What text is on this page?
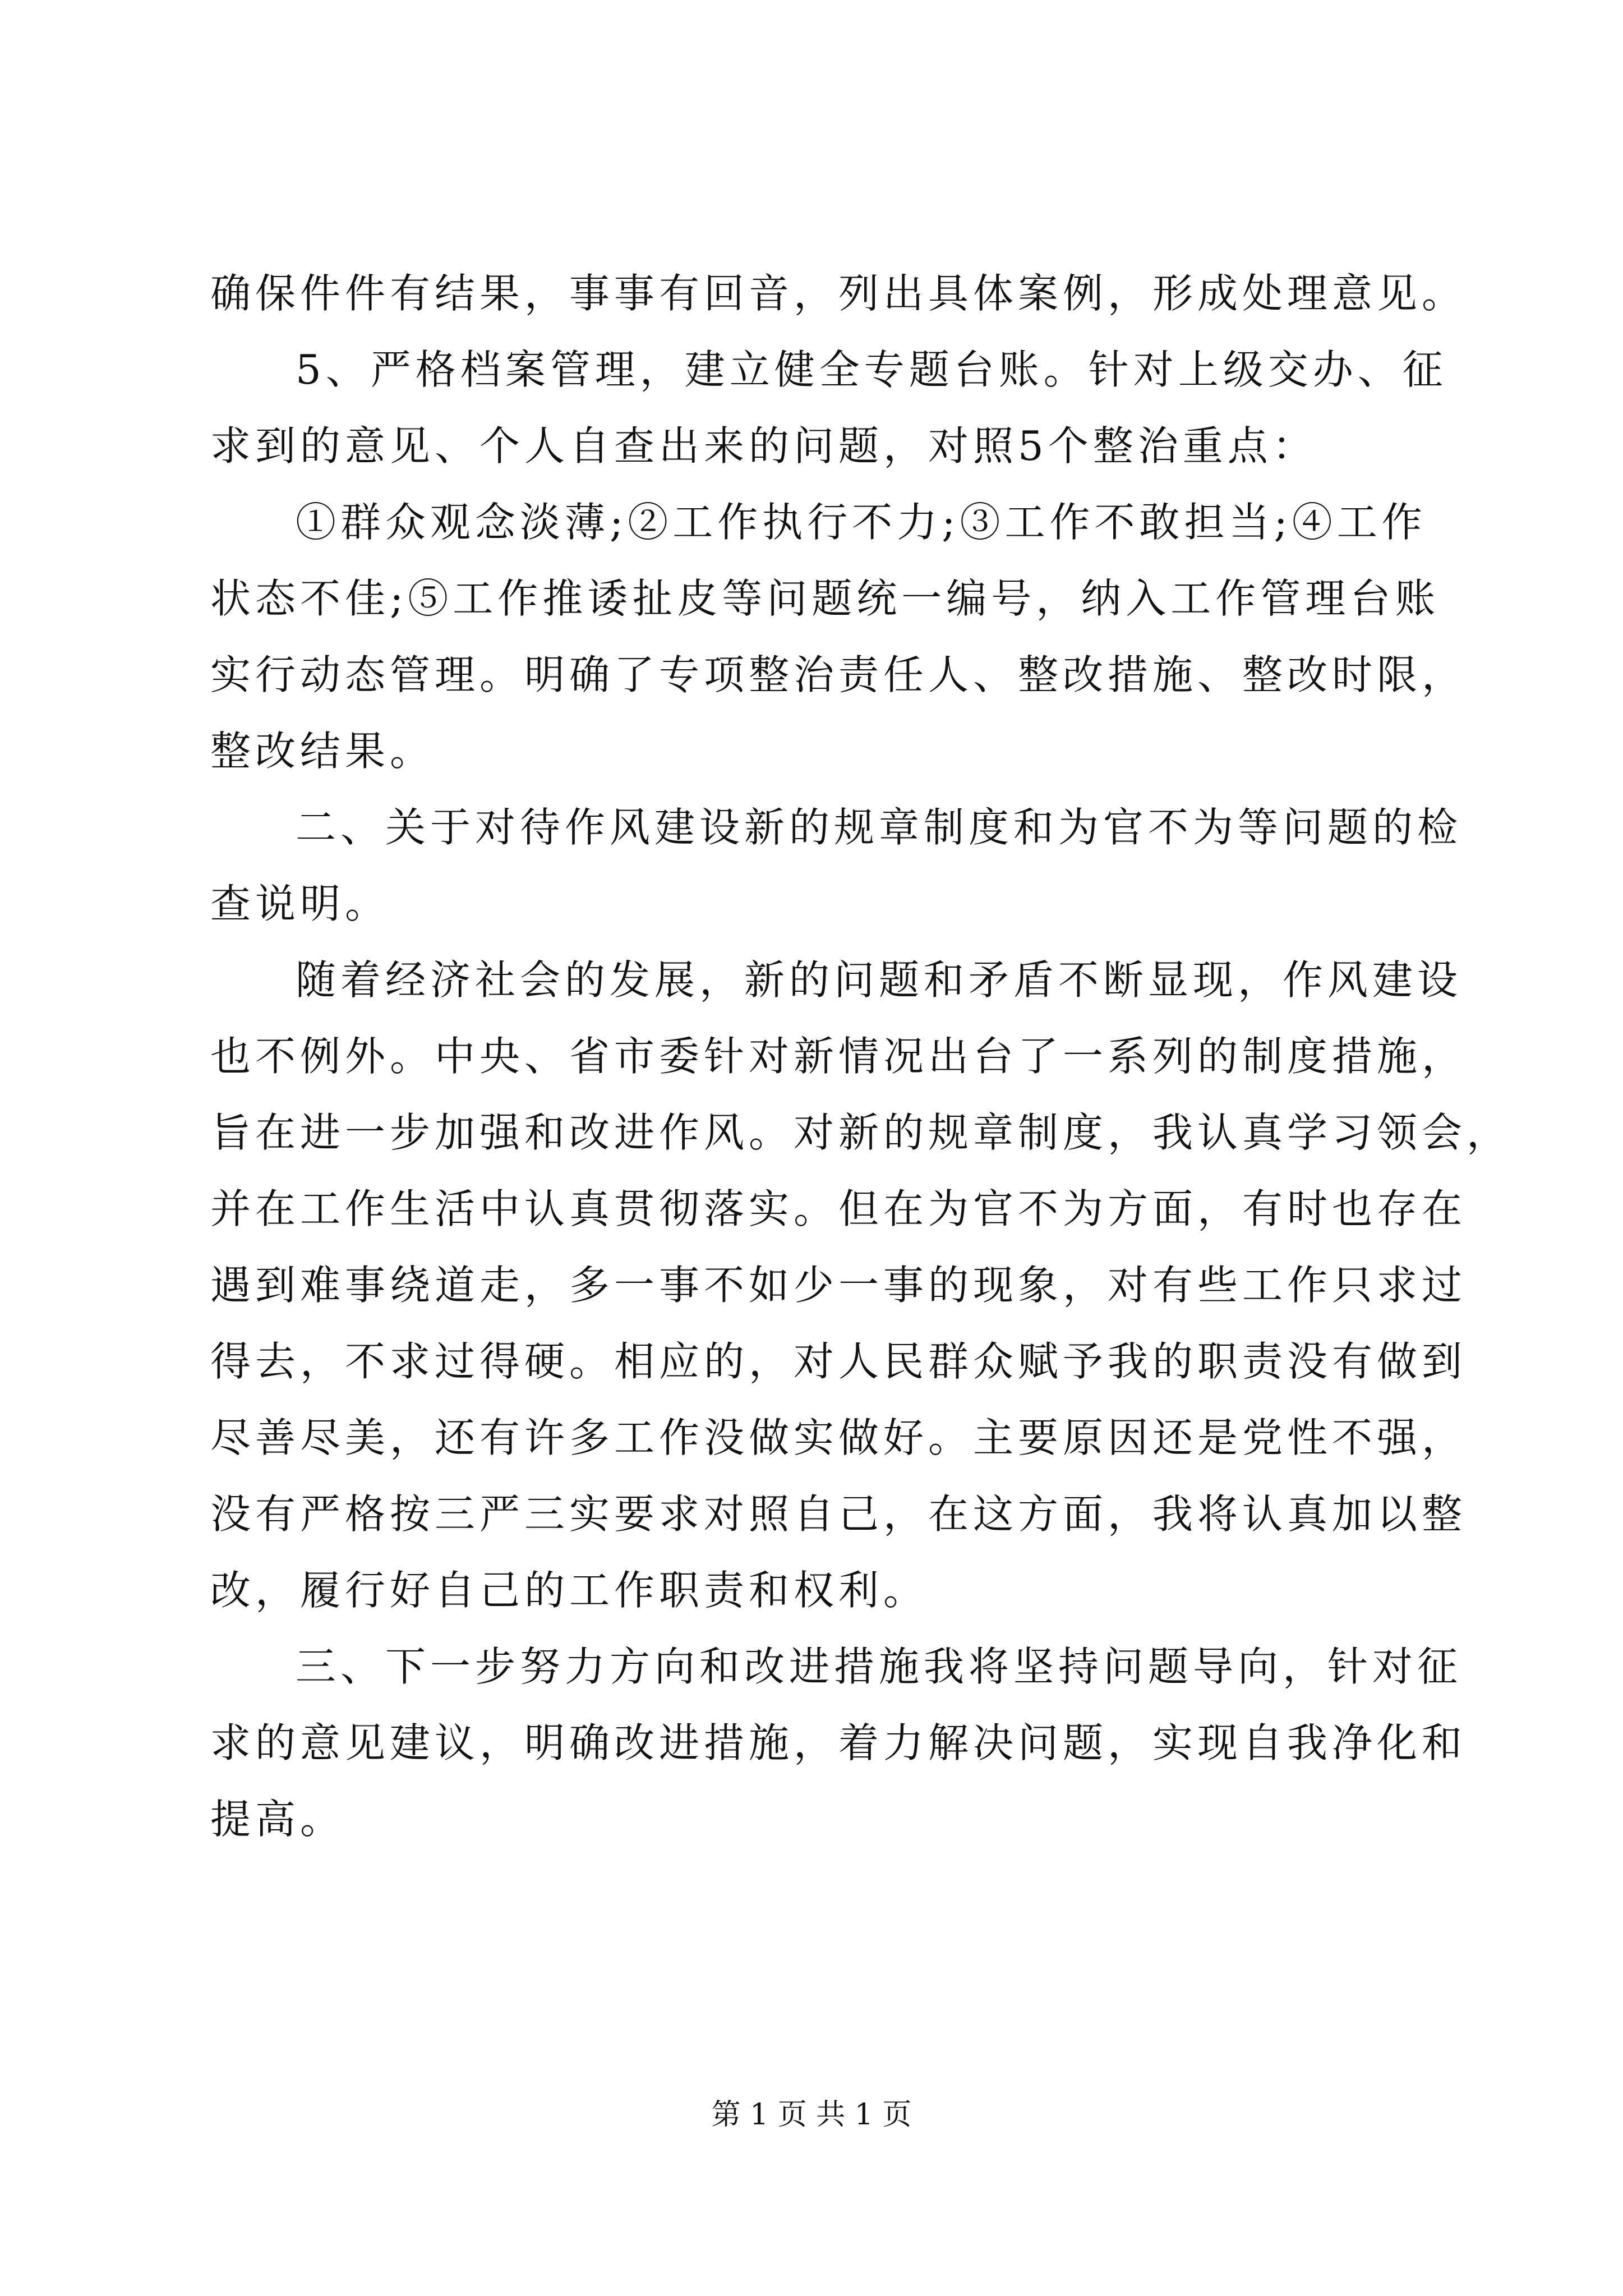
确保件件有结果，事事有回音，列出具体案例，形成处理意见。
5、严格档案管理，建立健全专题台账。针对上级交办、征
求到的意见、个人自查出来的问题，对照5个整治重点：
①群众观念淡薄;②工作执行不力;③工作不敢担当;④工作
状态不佳;⑤工作推诿扯皮等问题统一编号，纳入工作管理台账
实行动态管理。明确了专项整治责任人、整改措施、整改时限，
整改结果。
二、关于对待作风建设新的规章制度和为官不为等问题的检
查说明。
随着经济社会的发展，新的问题和矛盾不断显现，作风建设
也不例外。中央、省市委针对新情况出台了一系列的制度措施，
旨在进一步加强和改进作风。对新的规章制度，我认真学习领会，
并在工作生活中认真贯彻落实。但在为官不为方面，有时也存在
遇到难事绕道走，多一事不如少一事的现象，对有些工作只求过
得去，不求过得硬。相应的，对人民群众赋予我的职责没有做到
尽善尽美，还有许多工作没做实做好。主要原因还是党性不强，
没有严格按三严三实要求对照自己，在这方面，我将认真加以整
改，履行好自己的工作职责和权利。
三、下一步努力方向和改进措施我将坚持问题导向，针对征
求的意见建议，明确改进措施，着力解决问题，实现自我净化和
提高。
第 1 页 共 1 页
